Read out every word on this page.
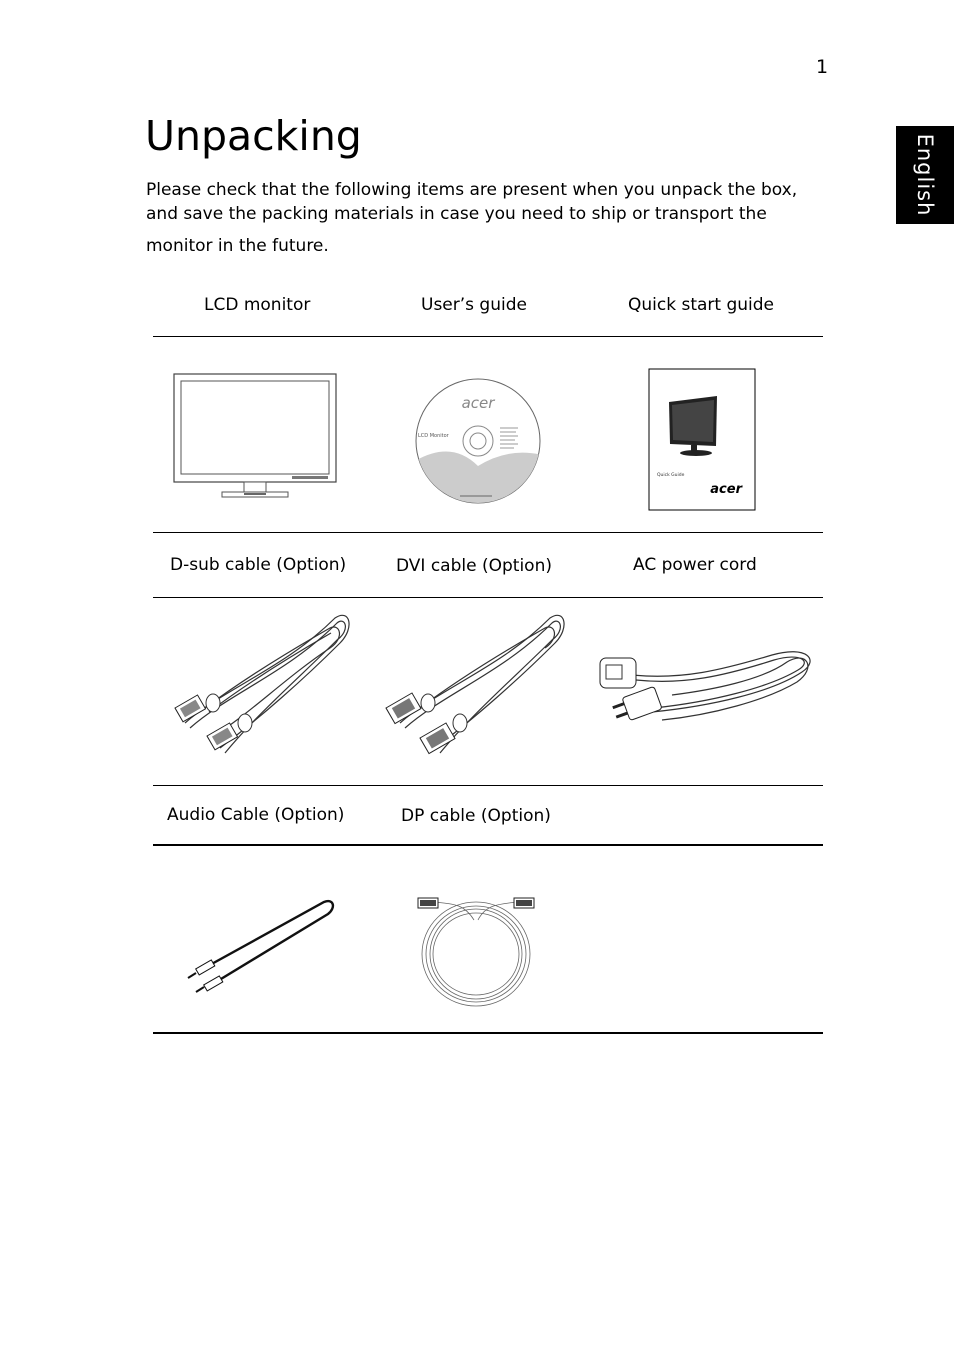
1
English
Unpacking

Please check that the following items are present when you unpack the box,
and save the packing materials in case you need to ship or transport the

monitor in the future.

LCD monitor	User’s guide	Quick start guide
acer
LCD Monitor
Quick Guide
acer
D-sub cable (Option)	DVI cable (Option)	AC power cord
Audio Cable (Option)	DP cable (Option)
